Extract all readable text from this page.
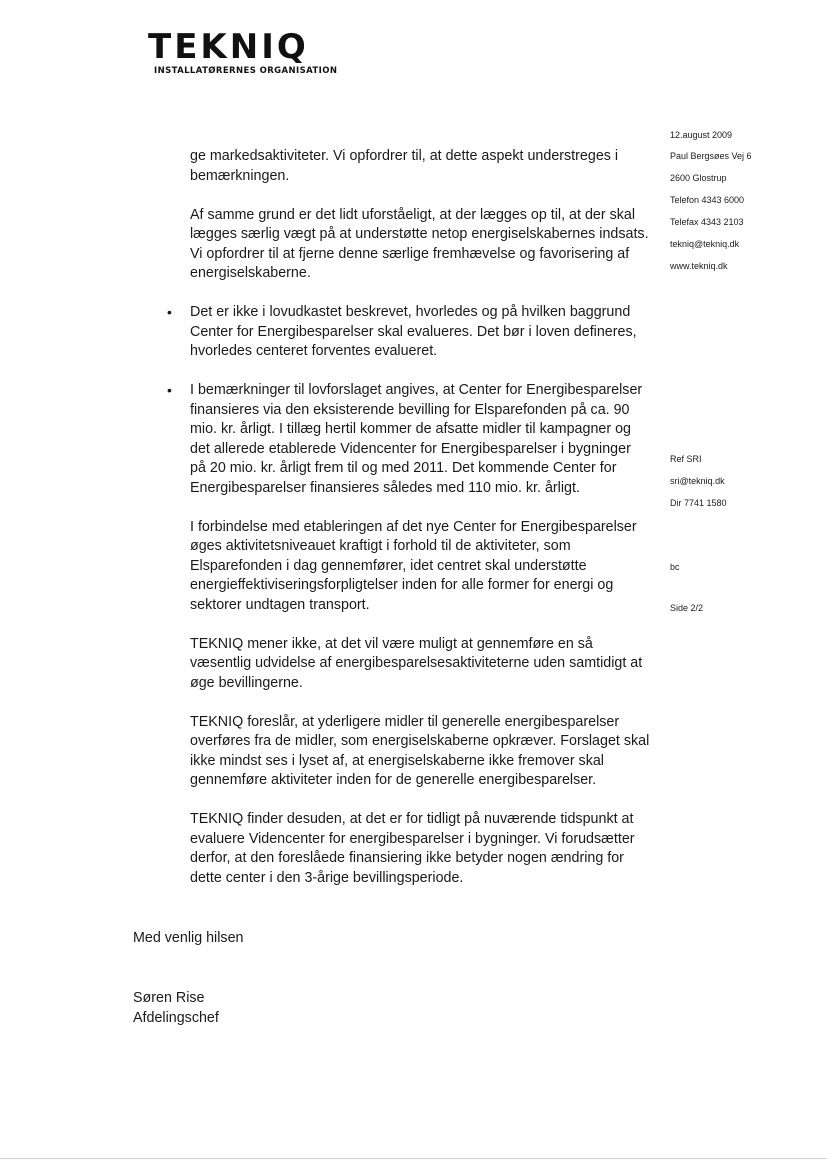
TEKNIQ
INSTALLATØRERNES ORGANISATION
12.august 2009
Paul Bergsøes Vej 6
2600 Glostrup
Telefon 4343 6000
Telefax 4343 2103
tekniq@tekniq.dk
www.tekniq.dk
Ref SRI
sri@tekniq.dk
Dir 7741 1580
bc
Side 2/2

ge markedsaktiviteter. Vi opfordrer til, at dette aspekt understreges i bemærkningen.

Af samme grund er det lidt uforståeligt, at der lægges op til, at der skal lægges særlig vægt på at understøtte netop energiselskabernes indsats. Vi opfordrer til at fjerne denne særlige fremhævelse og favorisering af energiselskaberne.

• Det er ikke i lovudkastet beskrevet, hvorledes og på hvilken baggrund Center for Energibesparelser skal evalueres. Det bør i loven defineres, hvorledes centeret forventes evalueret.

• I bemærkninger til lovforslaget angives, at Center for Energibesparelser finansieres via den eksisterende bevilling for Elsparefonden på ca. 90 mio. kr. årligt. I tillæg hertil kommer de afsatte midler til kampagner og det allerede etablerede Videncenter for Energibesparelser i bygninger på 20 mio. kr. årligt frem til og med 2011. Det kommende Center for Energibesparelser finansieres således med 110 mio. kr. årligt.

I forbindelse med etableringen af det nye Center for Energibesparelser øges aktivitetsniveauet kraftigt i forhold til de aktiviteter, som Elsparefonden i dag gennemfører, idet centret skal understøtte energieffektiviseringsforpligtelser inden for alle former for energi og sektorer undtagen transport.

TEKNIQ mener ikke, at det vil være muligt at gennemføre en så væsentlig udvidelse af energibesparelsesaktiviteterne uden samtidigt at øge bevillingerne.

TEKNIQ foreslår, at yderligere midler til generelle energibesparelser overføres fra de midler, som energiselskaberne opkræver. Forslaget skal ikke mindst ses i lyset af, at energiselskaberne ikke fremover skal gennemføre aktiviteter inden for de generelle energibesparelser.

TEKNIQ finder desuden, at det er for tidligt på nuværende tidspunkt at evaluere Videncenter for energibesparelser i bygninger. Vi forudsætter derfor, at den foreslåede finansiering ikke betyder nogen ændring for dette center i den 3-årige bevillingsperiode.

Med venlig hilsen
Søren Rise
Afdelingschef
